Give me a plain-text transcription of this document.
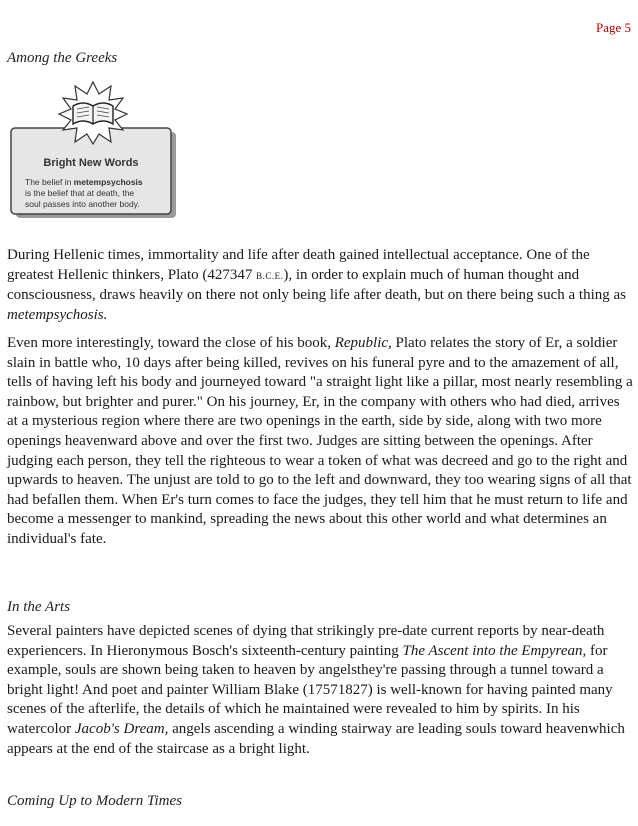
Page 5
Among the Greeks
Bright New Words
The belief in metempsychosis
is the belief that at death, the
soul passes into another body.

During Hellenic times, immortality and life after death gained intellectual acceptance. One of the greatest Hellenic thinkers, Plato (427347 B.C.E.), in order to explain much of human thought and consciousness, draws heavily on there not only being life after death, but on there being such a thing as metempsychosis.

Even more interestingly, toward the close of his book, Republic, Plato relates the story of Er, a soldier slain in battle who, 10 days after being killed, revives on his funeral pyre and to the amazement of all, tells of having left his body and journeyed toward "a straight light like a pillar, most nearly resembling a rainbow, but brighter and purer." On his journey, Er, in the company with others who had died, arrives at a mysterious region where there are two openings in the earth, side by side, along with two more openings heavenward above and over the first two. Judges are sitting between the openings. After judging each person, they tell the righteous to wear a token of what was decreed and go to the right and upwards to heaven. The unjust are told to go to the left and downward, they too wearing signs of all that had befallen them. When Er's turn comes to face the judges, they tell him that he must return to life and become a messenger to mankind, spreading the news about this other world and what determines an individual's fate.

In the Arts

Several painters have depicted scenes of dying that strikingly pre-date current reports by near-death experiencers. In Hieronymous Bosch's sixteenth-century painting The Ascent into the Empyrean, for example, souls are shown being taken to heaven by angelsthey're passing through a tunnel toward a bright light! And poet and painter William Blake (17571827) is well-known for having painted many scenes of the afterlife, the details of which he maintained were revealed to him by spirits. In his watercolor Jacob's Dream, angels ascending a winding stairway are leading souls toward heavenwhich appears at the end of the staircase as a bright light.

Coming Up to Modern Times
